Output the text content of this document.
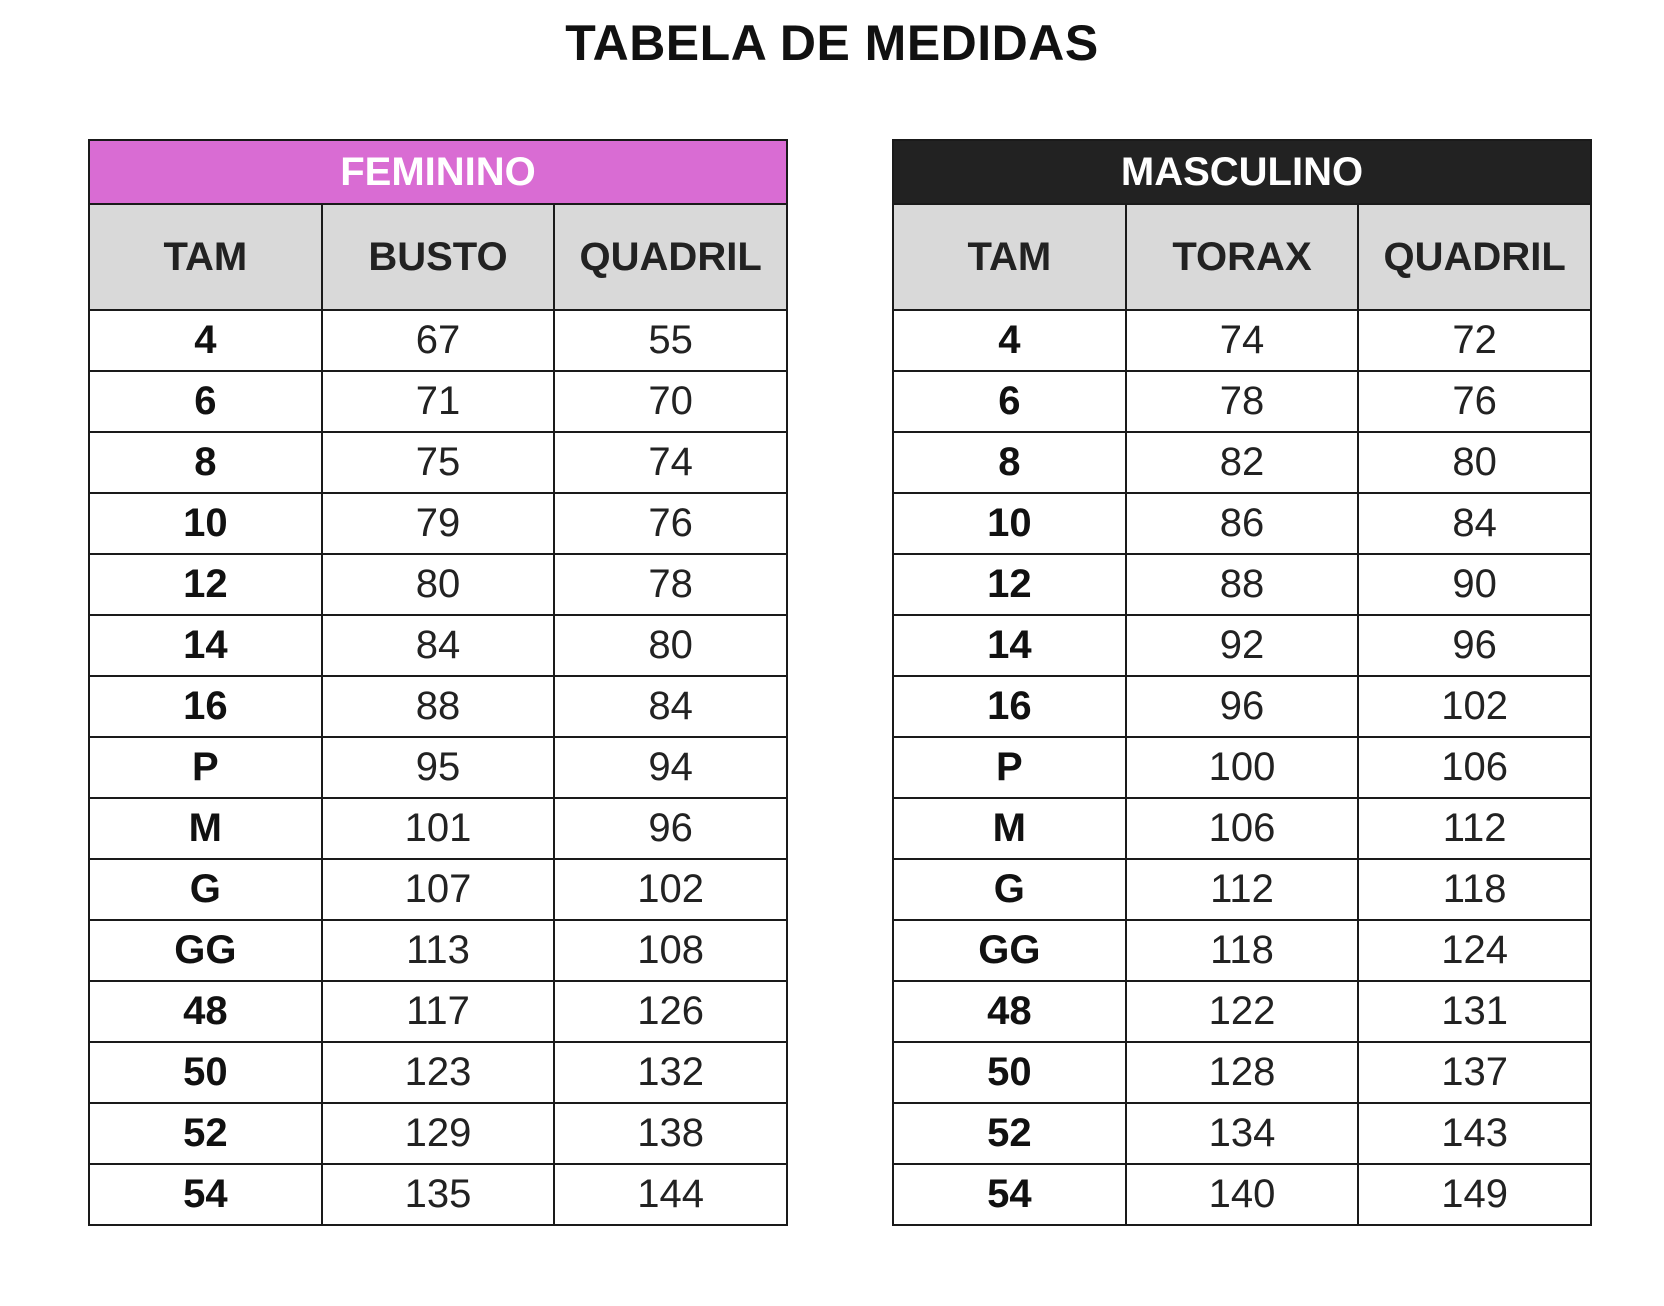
TABELA DE MEDIDAS
FEMININO		
TAM	BUSTO	QUADRIL
4	67	55
6	71	70
8	75	74
10	79	76
12	80	78
14	84	80
16	88	84
P	95	94
M	101	96
G	107	102
GG	113	108
48	117	126
50	123	132
52	129	138
54	135	144
MASCULINO		
TAM	TORAX	QUADRIL
4	74	72
6	78	76
8	82	80
10	86	84
12	88	90
14	92	96
16	96	102
P	100	106
M	106	112
G	112	118
GG	118	124
48	122	131
50	128	137
52	134	143
54	140	149
